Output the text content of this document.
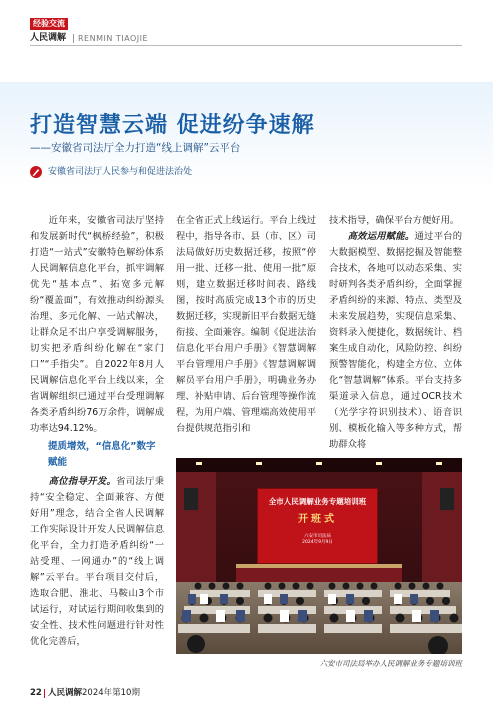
经验交流
人民调解 RENMIN TIAOJIE
打造智慧云端 促进纷争速解
——安徽省司法厅全力打造“线上调解”云平台
安徽省司法厅人民参与和促进法治处

近年来，安徽省司法厅坚持和发展新时代“枫桥经验”，积极打造“一站式”安徽特色解纷体系人民调解信息化平台，抓牢调解优先“基本点”、拓宽多元解纷“覆盖面”，有效推动纠纷源头治理、多元化解、一站式解决，让群众足不出户享受调解服务，切实把矛盾纠纷化解在“家门口”“手指尖”。自2022年8月人民调解信息化平台上线以来，全省调解组织已通过平台受理调解各类矛盾纠纷76万余件，调解成功率达94.12%。

提质增效，“信息化”数字赋能

高位指导开发。省司法厅秉持“安全稳定、全面兼容、方便好用”理念，结合全省人民调解工作实际设计开发人民调解信息化平台，全力打造矛盾纠纷“一站受理、一网通办”的“线上调解”云平台。平台项目交付后，选取合肥、淮北、马鞍山3个市试运行，对试运行期间收集到的安全性、技术性问题进行针对性优化完善后，

在全省正式上线运行。平台上线过程中，指导各市、县（市、区）司法局做好历史数据迁移，按照“停用一批、迁移一批、使用一批”原则，建立数据迁移时间表、路线图，按时高质完成13个市的历史数据迁移，实现新旧平台数据无缝衔接、全面兼容。编制《促进法治信息化平台用户手册》《智慧调解平台管理用户手册》《智慧调解调解员平台用户手册》，明确业务办理、补贴申请、后台管理等操作流程，为用户端、管理端高效使用平台提供规范指引和

技术指导，确保平台方便好用。

高效运用赋能。通过平台的大数据模型、数据挖掘及智能整合技术，各地可以动态采集、实时研判各类矛盾纠纷，全面掌握矛盾纠纷的来源、特点、类型及未来发展趋势，实现信息采集、资料录入便捷化，数据统计、档案生成自动化，风险防控、纠纷预警智能化，构建全方位、立体化“智慧调解”体系。平台支持多渠道录入信息，通过OCR技术（光学字符识别技术）、语音识别、模板化输入等多种方式，帮助群众将

全市人民调解业务专题培训班
开班式
六安市司法局
2024年9月9日
六安市司法局举办人民调解业务专题培训班
22 人民调解 2024年第10期
